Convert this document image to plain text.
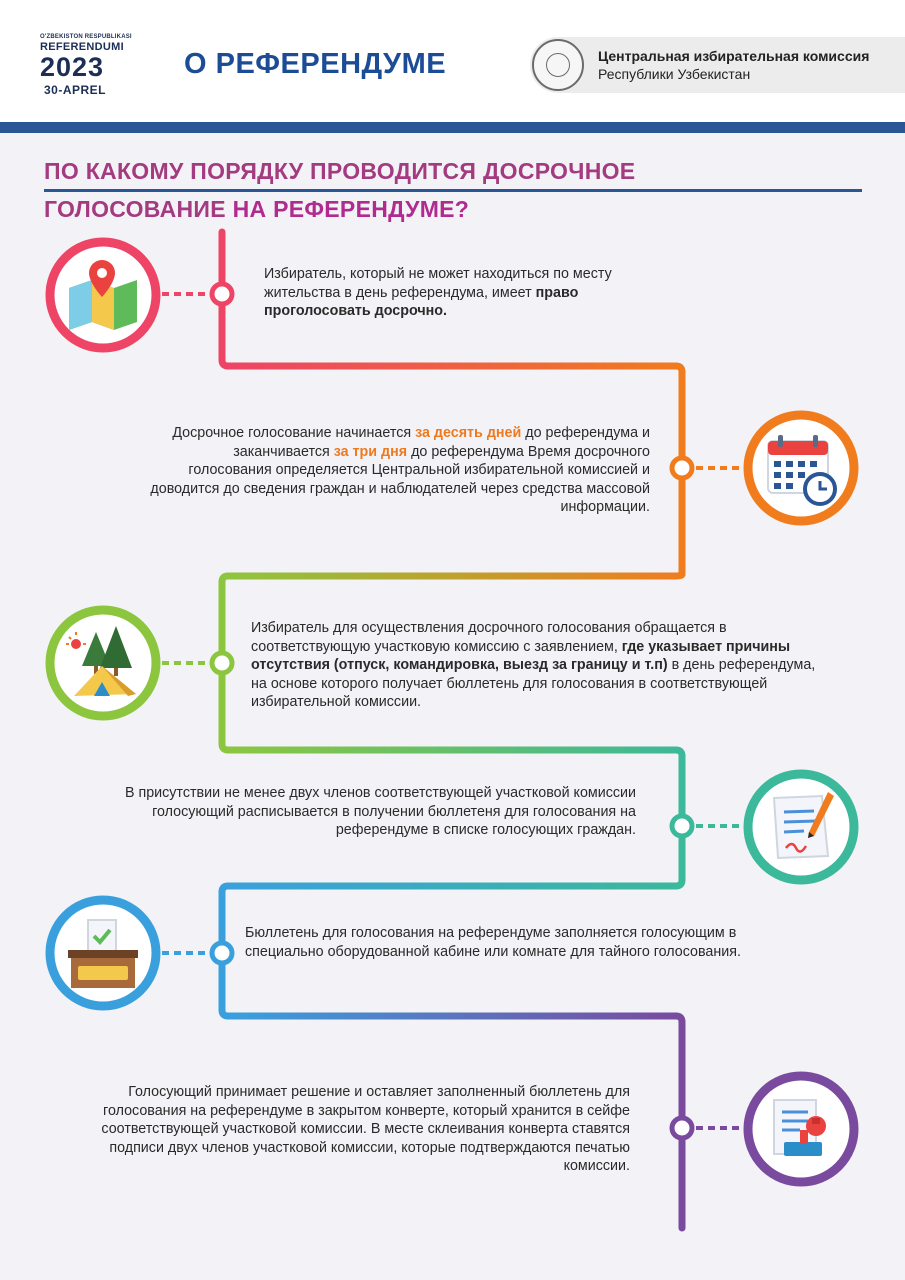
O'ZBEKISTON RESPUBLIKASI
REFERENDUMI
2023
30-APREL
О РЕФЕРЕНДУМЕ	Центральная избирательная комиссия
Республики Узбекистан
ПО КАКОМУ ПОРЯДКУ ПРОВОДИТСЯ ДОСРОЧНОЕ
ГОЛОСОВАНИЕ НА РЕФЕРЕНДУМЕ?
Избиратель, который не может находиться по месту жительства в день референдума, имеет право проголосовать досрочно.
Досрочное голосование начинается за десять дней до референдума и заканчивается за три дня до референдума Время досрочного голосования определяется Центральной избирательной комиссией и доводится до сведения граждан и наблюдателей через средства массовой информации.
Избиратель для осуществления досрочного голосования обращается в соответствующую участковую комиссию с заявлением, где указывает причины отсутствия (отпуск, командировка, выезд за границу и т.п) в день референдума, на основе которого получает бюллетень для голосования в соответствующей избирательной комиссии.
В присутствии не менее двух членов соответствующей участковой комиссии голосующий расписывается в получении бюллетеня для голосования на референдуме в списке голосующих граждан.
Бюллетень для голосования на референдуме заполняется голосующим в специально оборудованной кабине или комнате для тайного голосования.
Голосующий принимает решение и оставляет заполненный бюллетень для голосования на референдуме в закрытом конверте, который хранится в сейфе соответствующей участковой комиссии. В месте склеивания конверта ставятся подписи двух членов участковой комиссии, которые подтверждаются печатью комиссии.
